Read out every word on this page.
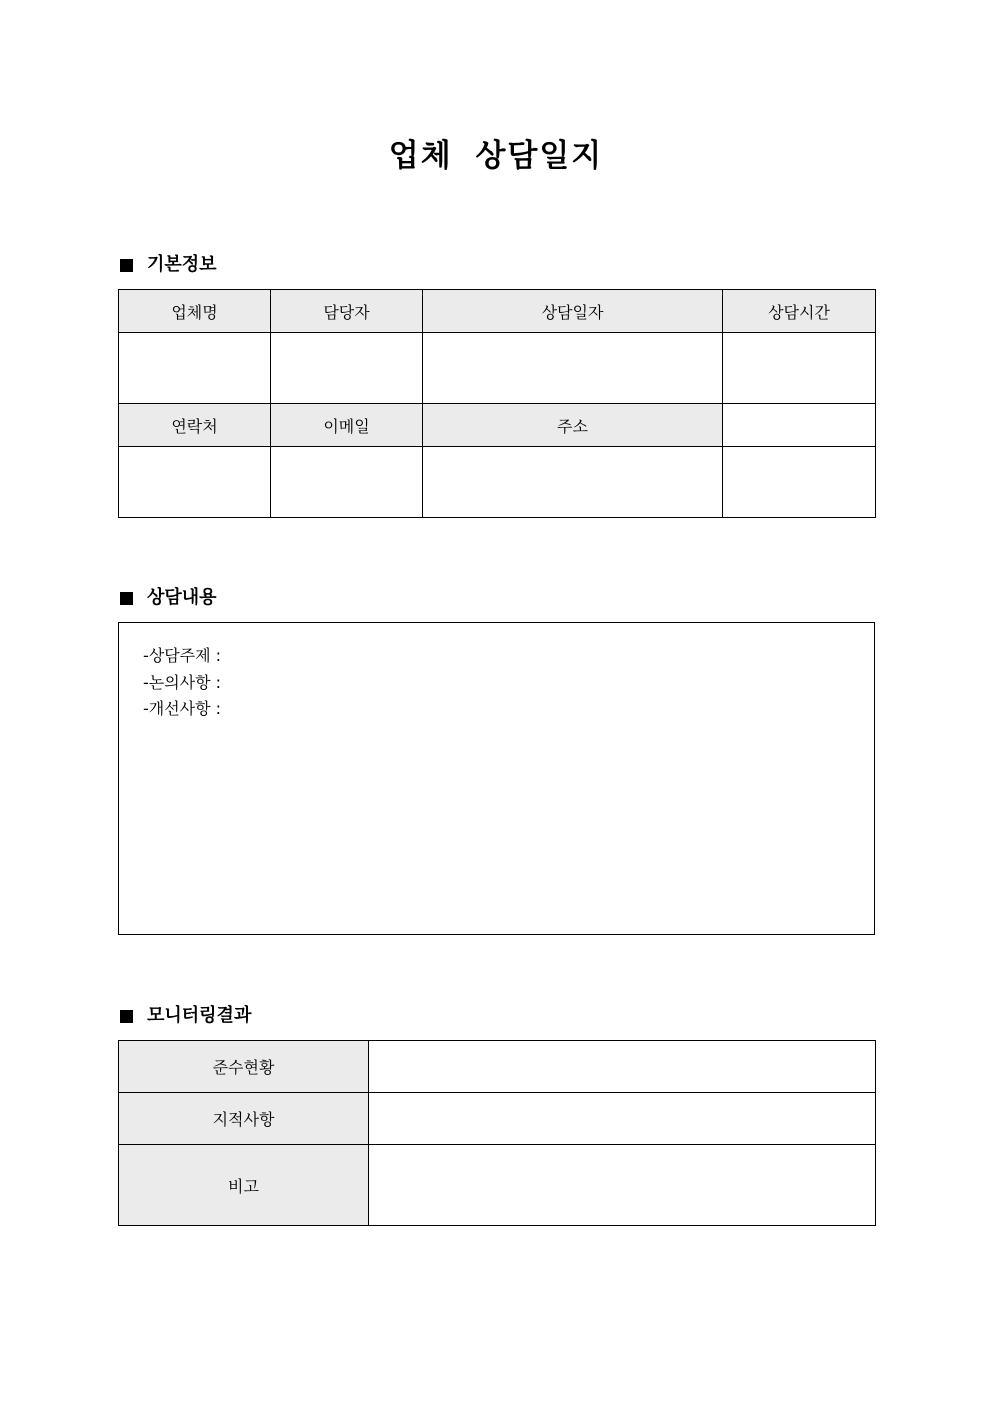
업체 상담일지
기본정보
업체명	담당자	상담일자	상담시간

연락처	이메일	주소	

상담내용
-상담주제 :
-논의사항 :
-개선사항 :
모니터링결과
준수현황	
지적사항	
비고	
